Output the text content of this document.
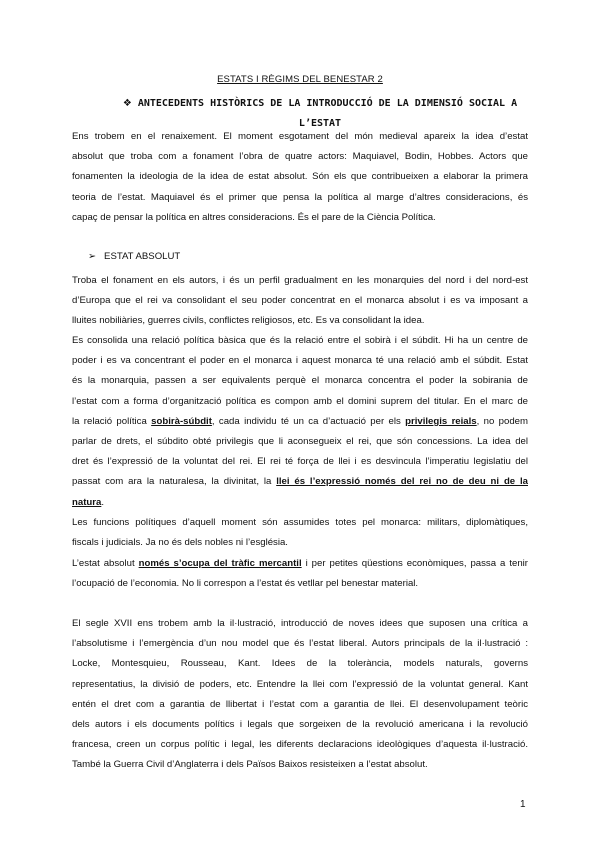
ESTATS I RÈGIMS DEL BENESTAR 2
❖ ANTECEDENTS HISTÒRICS DE LA INTRODUCCIÓ DE LA DIMENSIÓ SOCIAL A
L’ESTAT

Ens trobem en el renaixement. El moment esgotament del món medieval apareix la idea d’estat
absolut que troba com a fonament l’obra de quatre actors: Maquiavel, Bodin, Hobbes. Actors que
fonamenten la ideologia de la idea de estat absolut. Són els que contribueixen a elaborar la primera
teoria de l’estat. Maquiavel és el primer que pensa la política al marge d’altres consideracions, és
capaç de pensar la política en altres consideracions. És el pare de la Ciència Política.

➢ ESTAT ABSOLUT

Troba el fonament en els autors, i és un perfil gradualment en les monarquies del nord i del nord-est
d’Europa que el rei va consolidant el seu poder concentrat en el monarca absolut i es va imposant a
lluites nobiliàries, guerres civils, conflictes religiosos, etc. Es va consolidant la idea.

Es consolida una relació política bàsica que és la relació entre el sobirà i el súbdit. Hi ha un centre de
poder i es va concentrant el poder en el monarca i aquest monarca té una relació amb el súbdit. Estat
és la monarquia, passen a ser equivalents perquè el monarca concentra el poder la sobirania de
l’estat com a forma d’organització política es compon amb el domini suprem del titular. En el marc de
la relació política sobirà-súbdit, cada individu té un ca d’actuació per els privilegis reials, no podem
parlar de drets, el súbdito obté privilegis que li aconsegueix el rei, que són concessions. La idea del
dret és l’expressió de la voluntat del rei. El rei té força de llei i es desvincula l’imperatiu legislatiu del
passat com ara la naturalesa, la divinitat, la llei és l’expressió només del rei no de deu ni de la
natura.

Les funcions polítiques d’aquell moment són assumides totes pel monarca: militars, diplomàtiques,
fiscals i judicials. Ja no és dels nobles ni l’església.

L’estat absolut només s’ocupa del tràfic mercantil i per petites qüestions econòmiques, passa a tenir
l’ocupació de l’economia. No li correspon a l’estat és vetllar pel benestar material.

El segle XVII ens trobem amb la il·lustració, introducció de noves idees que suposen una crítica a
l’absolutisme i l’emergència d’un nou model que és l’estat liberal. Autors principals de la il·lustració :
Locke, Montesquieu, Rousseau, Kant. Idees de la tolerància, models naturals, governs
representatius, la divisió de poders, etc. Entendre la llei com l’expressió de la voluntat general. Kant
entén el dret com a garantia de llibertat i l’estat com a garantia de llei. El desenvolupament teòric
dels autors i els documents polítics i legals que sorgeixen de la revolució americana i la revolució
francesa, creen un corpus polític i legal, les diferents declaracions ideològiques d’aquesta il·lustració.
També la Guerra Civil d’Anglaterra i dels Països Baixos resisteixen a l’estat absolut.

1
